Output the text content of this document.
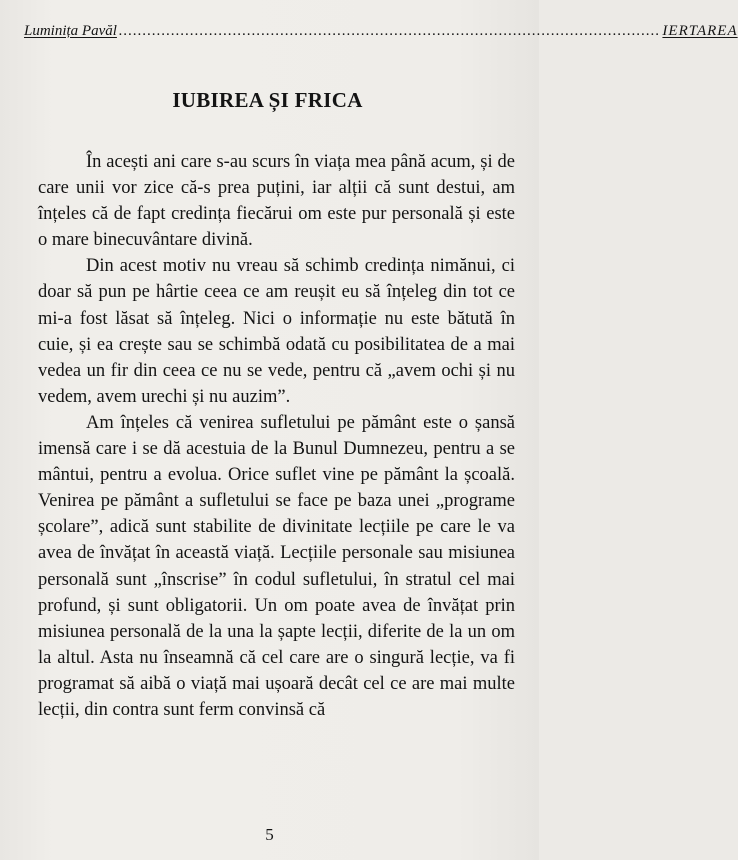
Luminița Pavăl .................................................................................................................. IERTAREA
IUBIREA ȘI FRICA

În acești ani care s-au scurs în viața mea până acum, și de care unii vor zice că-s prea puțini, iar alții că sunt destui, am înțeles că de fapt credința fiecărui om este pur personală și este o mare binecuvântare divină.

Din acest motiv nu vreau să schimb credința nimănui, ci doar să pun pe hârtie ceea ce am reușit eu să înțeleg din tot ce mi-a fost lăsat să înțeleg. Nici o informație nu este bătută în cuie, și ea crește sau se schimbă odată cu posibilitatea de a mai vedea un fir din ceea ce nu se vede, pentru că „avem ochi și nu vedem, avem urechi și nu auzim”.

Am înțeles că venirea sufletului pe pământ este o șansă imensă care i se dă acestuia de la Bunul Dumnezeu, pentru a se mântui, pentru a evolua. Orice suflet vine pe pământ la școală. Venirea pe pământ a sufletului se face pe baza unei „programe școlare”, adică sunt stabilite de divinitate lecțiile pe care le va avea de învățat în această viață. Lecțiile personale sau misiunea personală sunt „înscrise” în codul sufletului, în stratul cel mai profund, și sunt obligatorii. Un om poate avea de învățat prin misiunea personală de la una la șapte lecții, diferite de la un om la altul. Asta nu înseamnă că cel care are o singură lecție, va fi programat să aibă o viață mai ușoară decât cel ce are mai multe lecții, din contra sunt ferm convinsă că

5
